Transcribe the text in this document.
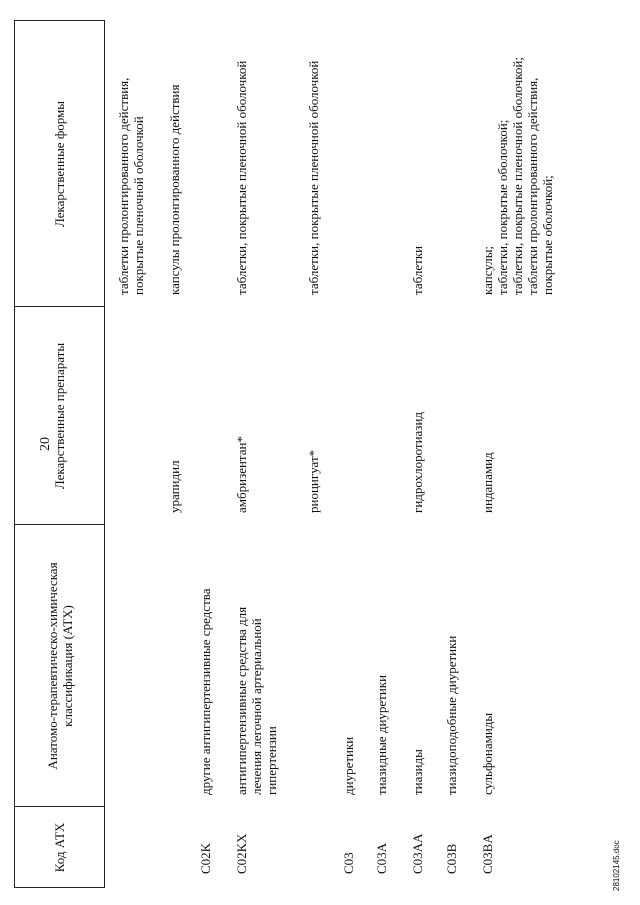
Код АТХ
Анатомо-терапевтическо-химическая классификация (АТХ)
Лекарственные препараты
Лекарственные формы
20
таблетки пролонгированного действия, покрытые пленочной оболочкой
урапидил
капсулы пролонгированного действия
C02K
другие антигипертензивные средства
C02KX
антигипертензивные средства для лечения легочной артериальной гипертензии
амбризентан*
таблетки, покрытые пленочной оболочкой
риоцигуат*
таблетки, покрытые пленочной оболочкой
C03
диуретики
C03A
тиазидные диуретики
C03AA
тиазиды
гидрохлоротиазид
таблетки
C03B
тиазидоподобные диуретики
C03BA
сульфонамиды
индапамид
капсулы; таблетки, покрытые оболочкой; таблетки, покрытые пленочной оболочкой; таблетки пролонгированного действия, покрытые оболочкой;
28102145.doc
